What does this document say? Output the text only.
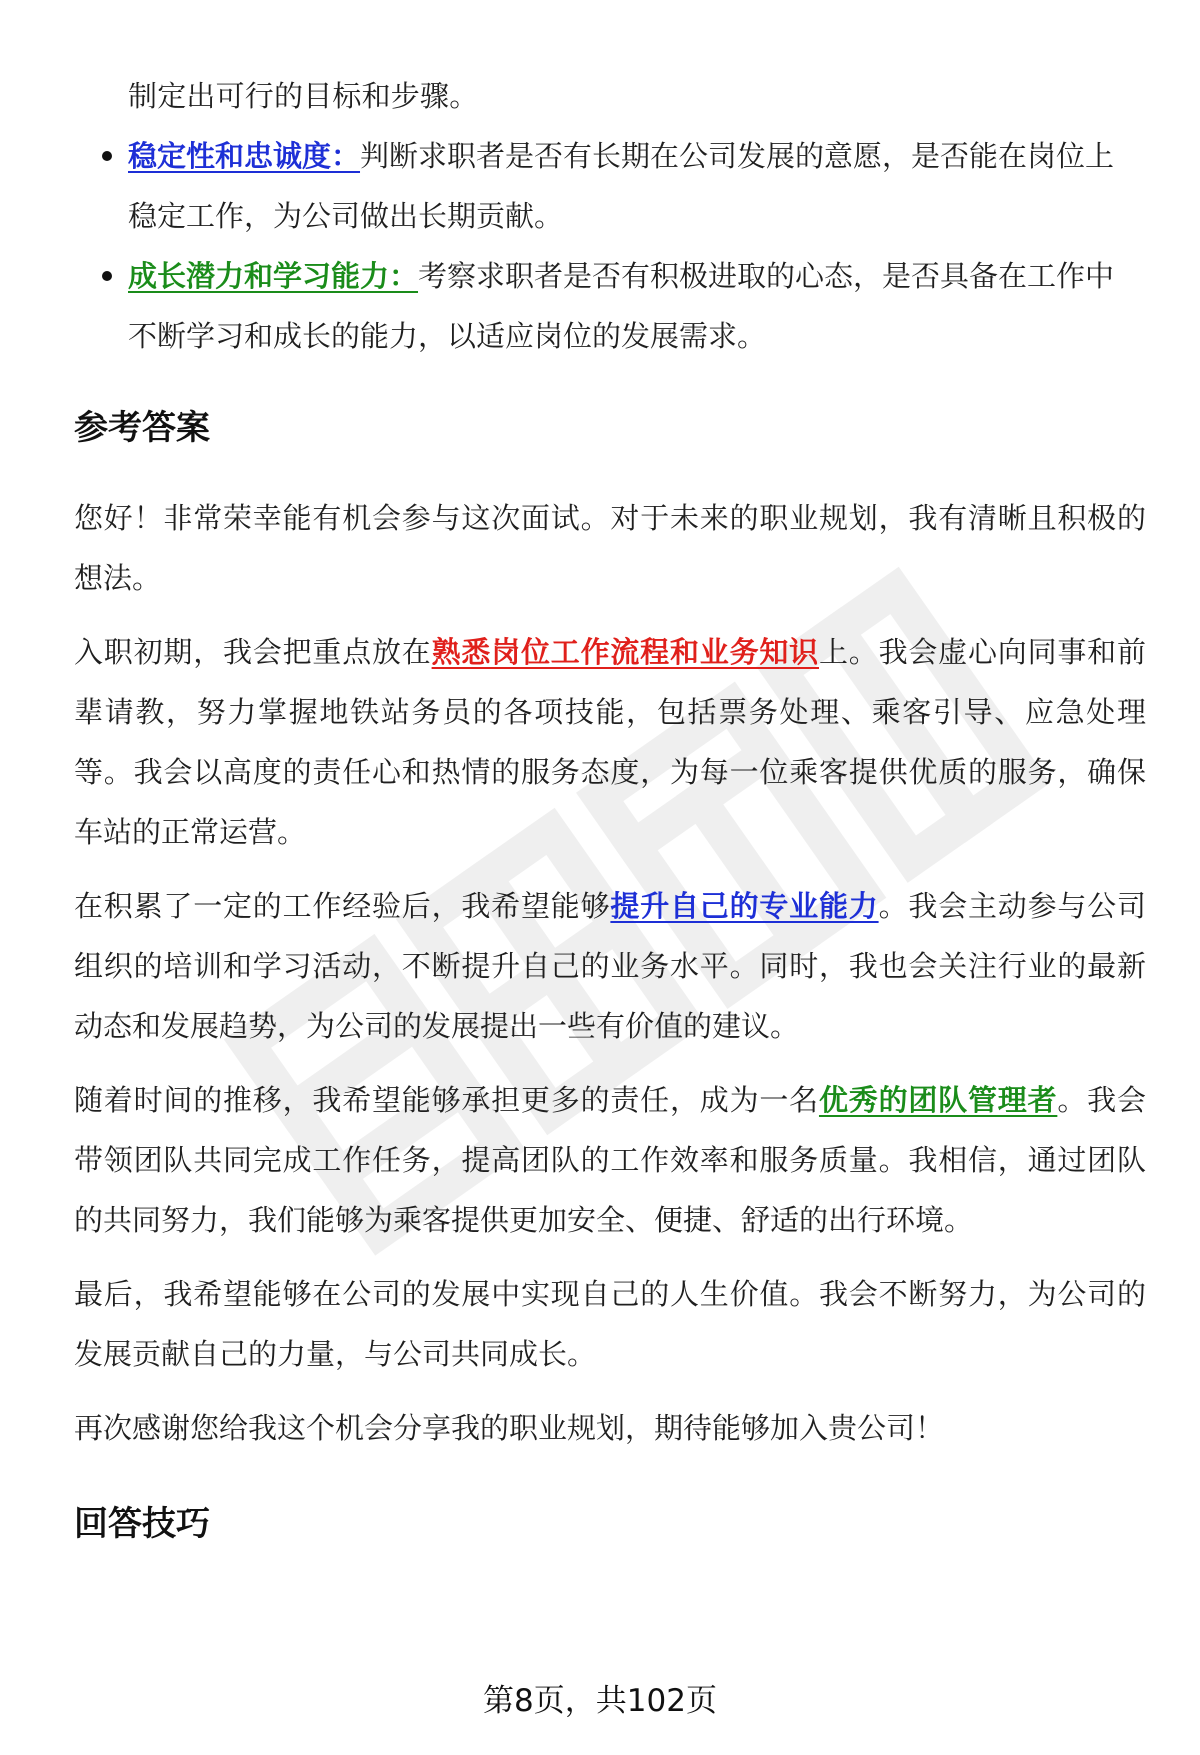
制定出可行的目标和步骤。

稳定性和忠诚度：判断求职者是否有长期在公司发展的意愿，是否能在岗位上
稳定工作，为公司做出长期贡献。
成长潜力和学习能力：考察求职者是否有积极进取的心态，是否具备在工作中
不断学习和成长的能力，以适应岗位的发展需求。
参考答案

您好！非常荣幸能有机会参与这次面试。对于未来的职业规划，我有清晰且积极的想法。

入职初期，我会把重点放在熟悉岗位工作流程和业务知识上。我会虚心向同事和前辈请教，努力掌握地铁站务员的各项技能，包括票务处理、乘客引导、应急处理等。我会以高度的责任心和热情的服务态度，为每一位乘客提供优质的服务，确保车站的正常运营。

在积累了一定的工作经验后，我希望能够提升自己的专业能力。我会主动参与公司组织的培训和学习活动，不断提升自己的业务水平。同时，我也会关注行业的最新动态和发展趋势，为公司的发展提出一些有价值的建议。

随着时间的推移，我希望能够承担更多的责任，成为一名优秀的团队管理者。我会带领团队共同完成工作任务，提高团队的工作效率和服务质量。我相信，通过团队的共同努力，我们能够为乘客提供更加安全、便捷、舒适的出行环境。

最后，我希望能够在公司的发展中实现自己的人生价值。我会不断努力，为公司的发展贡献自己的力量，与公司共同成长。

再次感谢您给我这个机会分享我的职业规划，期待能够加入贵公司！

回答技巧
第8页，共102页
